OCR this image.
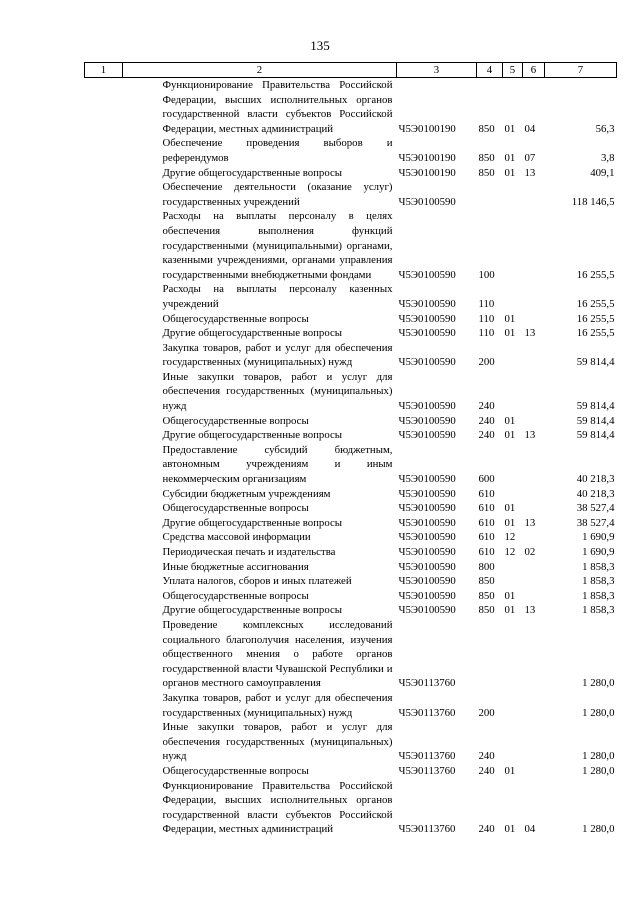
135
1	2	3	4	5	6	7
	Функционирование Правительства Российской Федерации, высших исполнительных органов государственной власти субъектов Российской Федерации, местных администраций	Ч5Э0100190	850	01	04	56,3
	Обеспечение проведения выборов и референдумов	Ч5Э0100190	850	01	07	3,8
	Другие общегосударственные вопросы	Ч5Э0100190	850	01	13	409,1
	Обеспечение деятельности (оказание услуг) государственных учреждений	Ч5Э0100590				118 146,5
	Расходы на выплаты персоналу в целях обеспечения выполнения функций государственными (муниципальными) органами, казенными учреждениями, органами управления государственными внебюджетными фондами	Ч5Э0100590	100			16 255,5
	Расходы на выплаты персоналу казенных учреждений	Ч5Э0100590	110			16 255,5
	Общегосударственные вопросы	Ч5Э0100590	110	01		16 255,5
	Другие общегосударственные вопросы	Ч5Э0100590	110	01	13	16 255,5
	Закупка товаров, работ и услуг для обеспечения государственных (муниципальных) нужд	Ч5Э0100590	200			59 814,4
	Иные закупки товаров, работ и услуг для обеспечения государственных (муниципальных) нужд	Ч5Э0100590	240			59 814,4
	Общегосударственные вопросы	Ч5Э0100590	240	01		59 814,4
	Другие общегосударственные вопросы	Ч5Э0100590	240	01	13	59 814,4
	Предоставление субсидий бюджетным, автономным учреждениям и иным некоммерческим организациям	Ч5Э0100590	600			40 218,3
	Субсидии бюджетным учреждениям	Ч5Э0100590	610			40 218,3
	Общегосударственные вопросы	Ч5Э0100590	610	01		38 527,4
	Другие общегосударственные вопросы	Ч5Э0100590	610	01	13	38 527,4
	Средства массовой информации	Ч5Э0100590	610	12		1 690,9
	Периодическая печать и издательства	Ч5Э0100590	610	12	02	1 690,9
	Иные бюджетные ассигнования	Ч5Э0100590	800			1 858,3
	Уплата налогов, сборов и иных платежей	Ч5Э0100590	850			1 858,3
	Общегосударственные вопросы	Ч5Э0100590	850	01		1 858,3
	Другие общегосударственные вопросы	Ч5Э0100590	850	01	13	1 858,3
	Проведение комплексных исследований социального благополучия населения, изучения общественного мнения о работе органов государственной власти Чувашской Республики и органов местного самоуправления	Ч5Э0113760				1 280,0
	Закупка товаров, работ и услуг для обеспечения государственных (муниципальных) нужд	Ч5Э0113760	200			1 280,0
	Иные закупки товаров, работ и услуг для обеспечения государственных (муниципальных) нужд	Ч5Э0113760	240			1 280,0
	Общегосударственные вопросы	Ч5Э0113760	240	01		1 280,0
	Функционирование Правительства Российской Федерации, высших исполнительных органов государственной власти субъектов Российской Федерации, местных администраций	Ч5Э0113760	240	01	04	1 280,0
